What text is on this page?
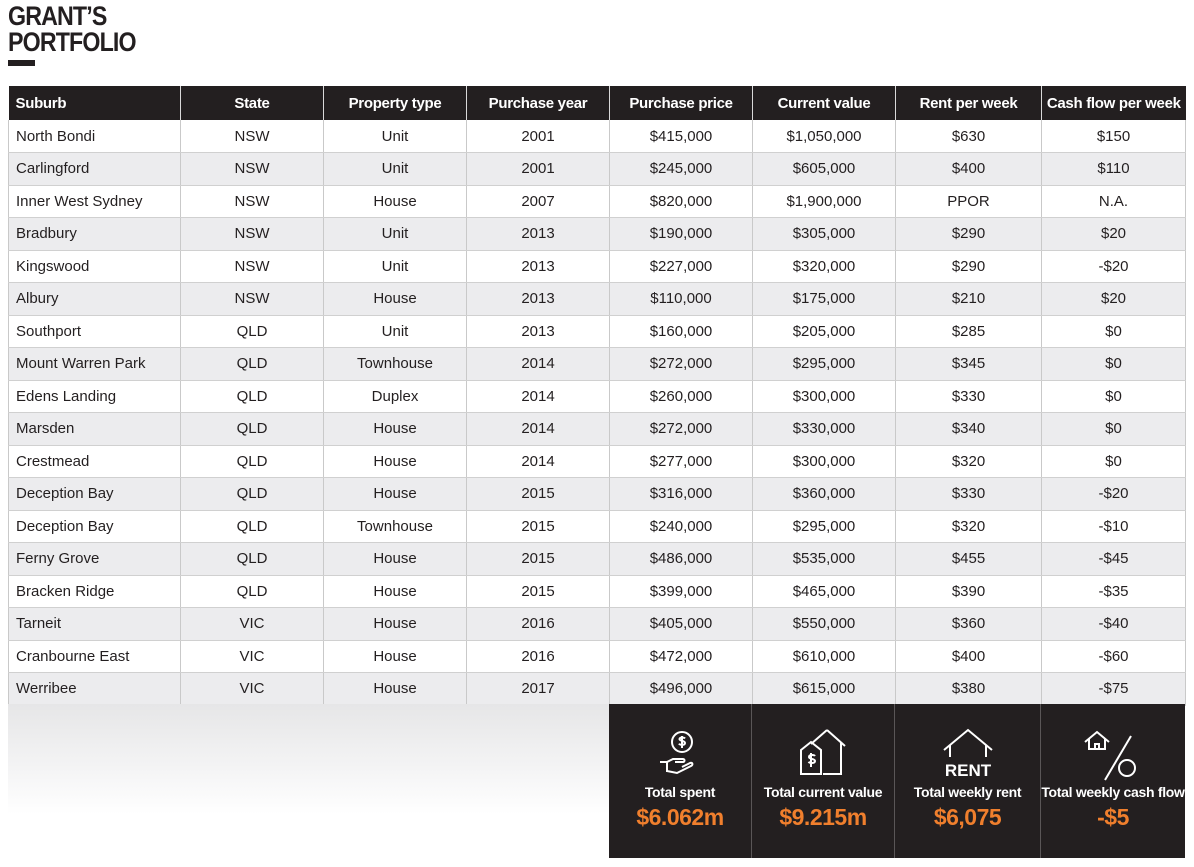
GRANT’S
PORTFOLIO
Suburb	State	Property type	Purchase year	Purchase price	Current value	Rent per week	Cash flow per week
North Bondi	NSW	Unit	2001	$415,000	$1,050,000	$630	$150
Carlingford	NSW	Unit	2001	$245,000	$605,000	$400	$110
Inner West Sydney	NSW	House	2007	$820,000	$1,900,000	PPOR	N.A.
Bradbury	NSW	Unit	2013	$190,000	$305,000	$290	$20
Kingswood	NSW	Unit	2013	$227,000	$320,000	$290	-$20
Albury	NSW	House	2013	$110,000	$175,000	$210	$20
Southport	QLD	Unit	2013	$160,000	$205,000	$285	$0
Mount Warren Park	QLD	Townhouse	2014	$272,000	$295,000	$345	$0
Edens Landing	QLD	Duplex	2014	$260,000	$300,000	$330	$0
Marsden	QLD	House	2014	$272,000	$330,000	$340	$0
Crestmead	QLD	House	2014	$277,000	$300,000	$320	$0
Deception Bay	QLD	House	2015	$316,000	$360,000	$330	-$20
Deception Bay	QLD	Townhouse	2015	$240,000	$295,000	$320	-$10
Ferny Grove	QLD	House	2015	$486,000	$535,000	$455	-$45
Bracken Ridge	QLD	House	2015	$399,000	$465,000	$390	-$35
Tarneit	VIC	House	2016	$405,000	$550,000	$360	-$40
Cranbourne East	VIC	House	2016	$472,000	$610,000	$400	-$60
Werribee	VIC	House	2017	$496,000	$615,000	$380	-$75
Total spent
$6.062m
Total current value
$9.215m
RENT
Total weekly rent
$6,075
Total weekly cash flow
-$5
